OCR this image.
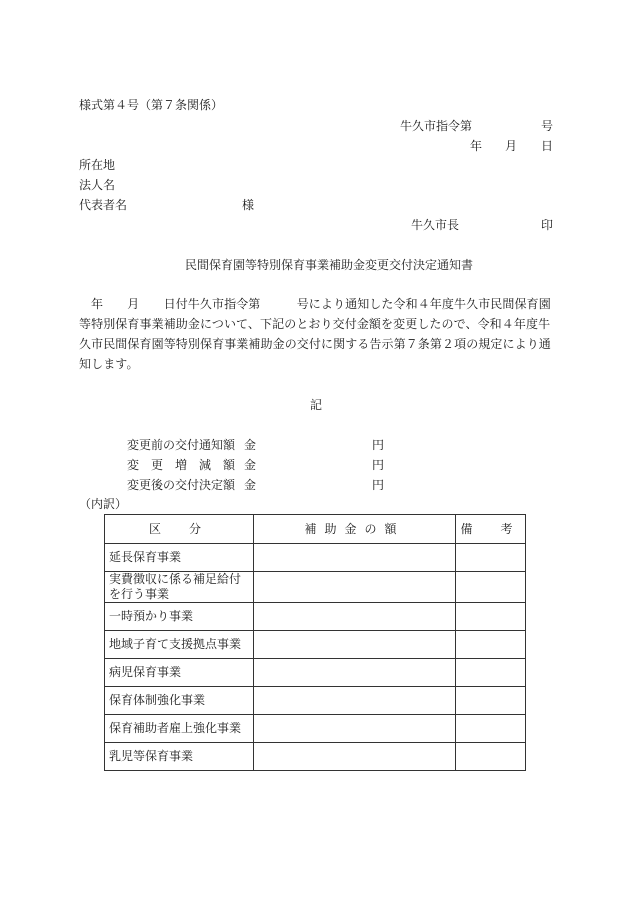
様式第４号（第７条関係）
牛久市指令第	号
年 月 日
所在地
法人名
代表者名	様
牛久市長	印
民間保育園等特別保育事業補助金変更交付決定通知書
年　　月　　日付牛久市指令第　　　号により通知した令和４年度牛久市民間保育園等特別保育事業補助金について、下記のとおり交付金額を変更したので、令和４年度牛久市民間保育園等特別保育事業補助金の交付に関する告示第７条第２項の規定により通知します。
記
変更前の交付通知額 金	円
変　更　増　減　額 金	円
変更後の交付決定額 金	円
（内訳）
区　分	補助金の額	備　考
延長保育事業		
実費徴収に係る補足給付を行う事業		
一時預かり事業		
地域子育て支援拠点事業		
病児保育事業		
保育体制強化事業		
保育補助者雇上強化事業		
乳児等保育事業		
